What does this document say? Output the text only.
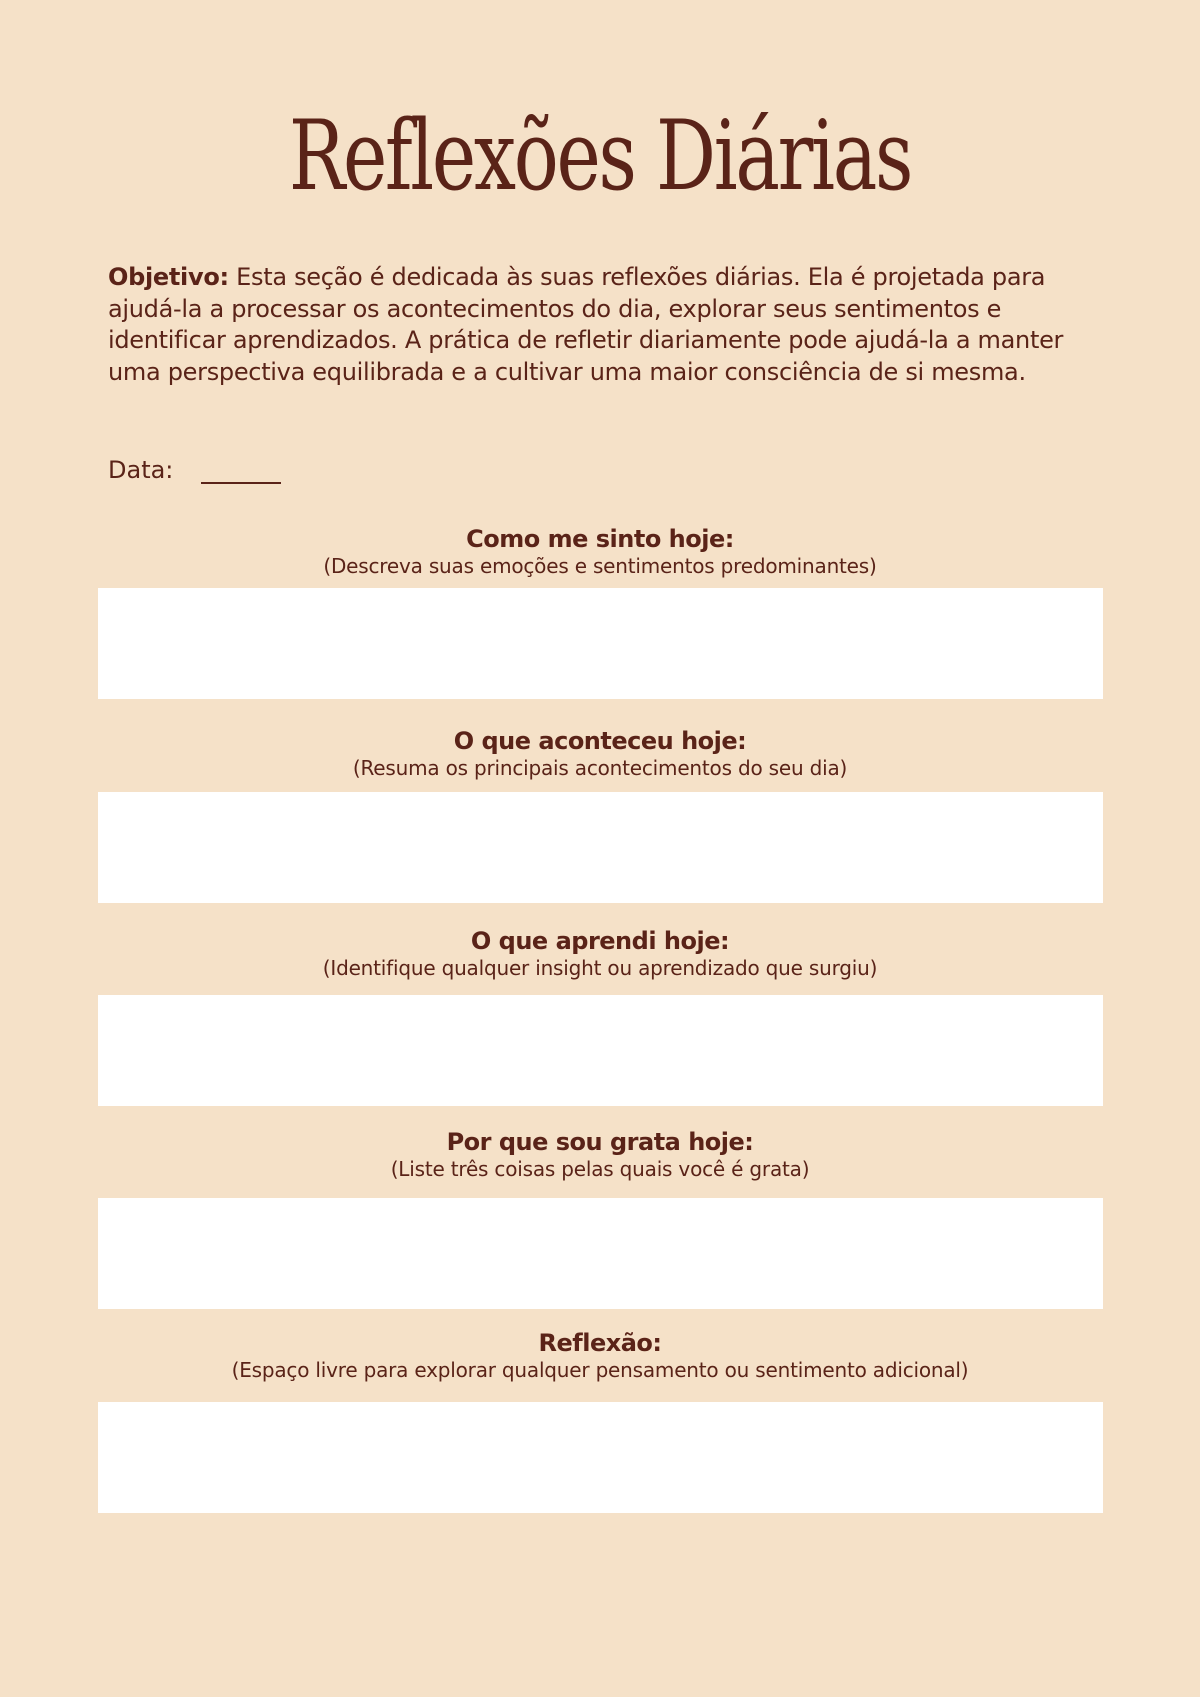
Reflexões Diárias
Objetivo: Esta seção é dedicada às suas reflexões diárias. Ela é projetada para ajudá-la a processar os acontecimentos do dia, explorar seus sentimentos e identificar aprendizados. A prática de refletir diariamente pode ajudá-la a manter uma perspectiva equilibrada e a cultivar uma maior consciência de si mesma.
Data:
Como me sinto hoje:
(Descreva suas emoções e sentimentos predominantes)
O que aconteceu hoje:
(Resuma os principais acontecimentos do seu dia)
O que aprendi hoje:
(Identifique qualquer insight ou aprendizado que surgiu)
Por que sou grata hoje:
(Liste três coisas pelas quais você é grata)
Reflexão:
(Espaço livre para explorar qualquer pensamento ou sentimento adicional)
